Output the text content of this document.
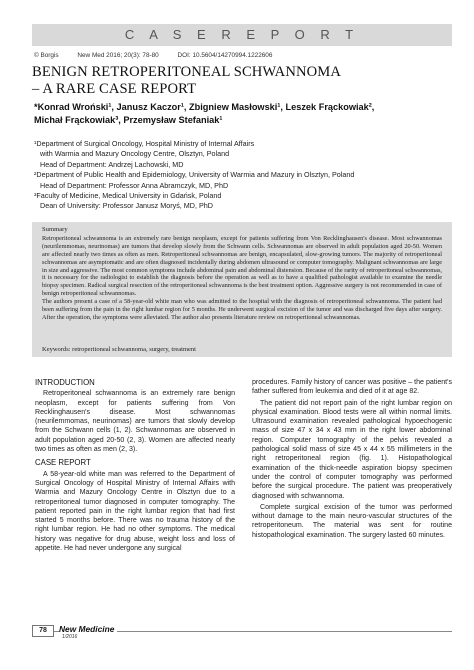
C A S E R E P O R T
© Borgis	New Med 2016; 20(3): 78-80	DOI: 10.5604/14270994.1222606
BENIGN RETROPERITONEAL SCHWANNOMA
– A RARE CASE REPORT
*Konrad Wroński¹, Janusz Kaczor¹, Zbigniew Masłowski¹, Leszek Frąckowiak²,
Michał Frąckowiak³, Przemysław Stefaniak¹
¹Department of Surgical Oncology, Hospital Ministry of Internal Affairs
with Warmia and Mazury Oncology Centre, Olsztyn, Poland
Head of Department: Andrzej Lachowski, MD
²Department of Public Health and Epidemiology, University of Warmia and Mazury in Olsztyn, Poland
Head of Department: Professor Anna Abramczyk, MD, PhD
³Faculty of Medicine, Medical University in Gdańsk, Poland
Dean of University: Professor Janusz Moryś, MD, PhD
Summary

Retroperitoneal schwannoma is an extremely rare benign neoplasm, except for patients suffering from Von Recklinghausen's disease. Most schwannomas (neurilemmomas, neurinomas) are tumors that develop slowly from the Schwann cells. Schwannomas are observed in adult population aged 20-50. Women are affected nearly two times as often as men. Retroperitoneal schwannomas are benign, encapsulated, slow-growing tumors. The majority of retroperitoneal schwannomas are asymptomatic and are often diagnosed incidentally during abdomen ultrasound or computer tomography. Malignant schwannomas are large in size and aggressive. The most common symptoms include abdominal pain and abdominal distension. Because of the rarity of retroperitoneal schwannomas, it is necessary for the radiologist to establish the diagnosis before the operation as well as to have a qualified pathologist available to examine the needle biopsy specimen. Radical surgical resection of the retroperitoneal schwannoma is the best treatment option. Aggressive surgery is not recommended in case of benign retroperitoneal schwannomas.

The authors present a case of a 58-year-old white man who was admitted to the hospital with the diagnosis of retroperitoneal schwannoma. The patient had been suffering from the pain in the right lumbar region for 5 months. He underwent surgical excision of the tumor and was discharged five days after surgery. After the operation, the symptoms were alleviated. The author also presents literature review on retroperitoneal schwannomas.

Keywords: retroperitoneal schwannoma, surgery, treatment
INTRODUCTION

Retroperitoneal schwannoma is an extremely rare benign neoplasm, except for patients suffering from Von Recklinghausen's disease. Most schwannomas (neurilemmomas, neurinomas) are tumors that slowly develop from the Schwann cells (1, 2). Schwannomas are observed in adult population aged 20-50 (2, 3). Women are affected nearly two times as often as men (2, 3).

CASE REPORT

A 58-year-old white man was referred to the Department of Surgical Oncology of Hospital Ministry of Internal Affairs with Warmia and Mazury Oncology Centre in Olsztyn due to a retroperitoneal tumor diagnosed in computer tomography. The patient reported pain in the right lumbar region that had first started 5 months before. There was no trauma history of the right lumbar region. He had no other symptoms. The medical history was negative for drug abuse, weight loss and loss of appetite. He had never undergone any surgical

procedures. Family history of cancer was positive – the patient's father suffered from leukemia and died of it at age 82.

The patient did not report pain of the right lumbar region on physical examination. Blood tests were all within normal limits. Ultrasound examination revealed pathological hypoechogenic mass of size 47 x 34 x 43 mm in the right lower abdominal region. Computer tomography of the pelvis revealed a pathological solid mass of size 45 x 44 x 55 millimeters in the right retroperitoneal region (fig. 1). Histopathological examination of the thick-needle aspiration biopsy specimen under the control of computer tomography was performed before the surgical procedure. The patient was preoperatively diagnosed with schwannoma.

Complete surgical excision of the tumor was performed without damage to the main neuro-vascular structures of the retroperitoneum. The material was sent for routine histopathological examination. The surgery lasted 60 minutes.

78	New Medicine
1/2016
